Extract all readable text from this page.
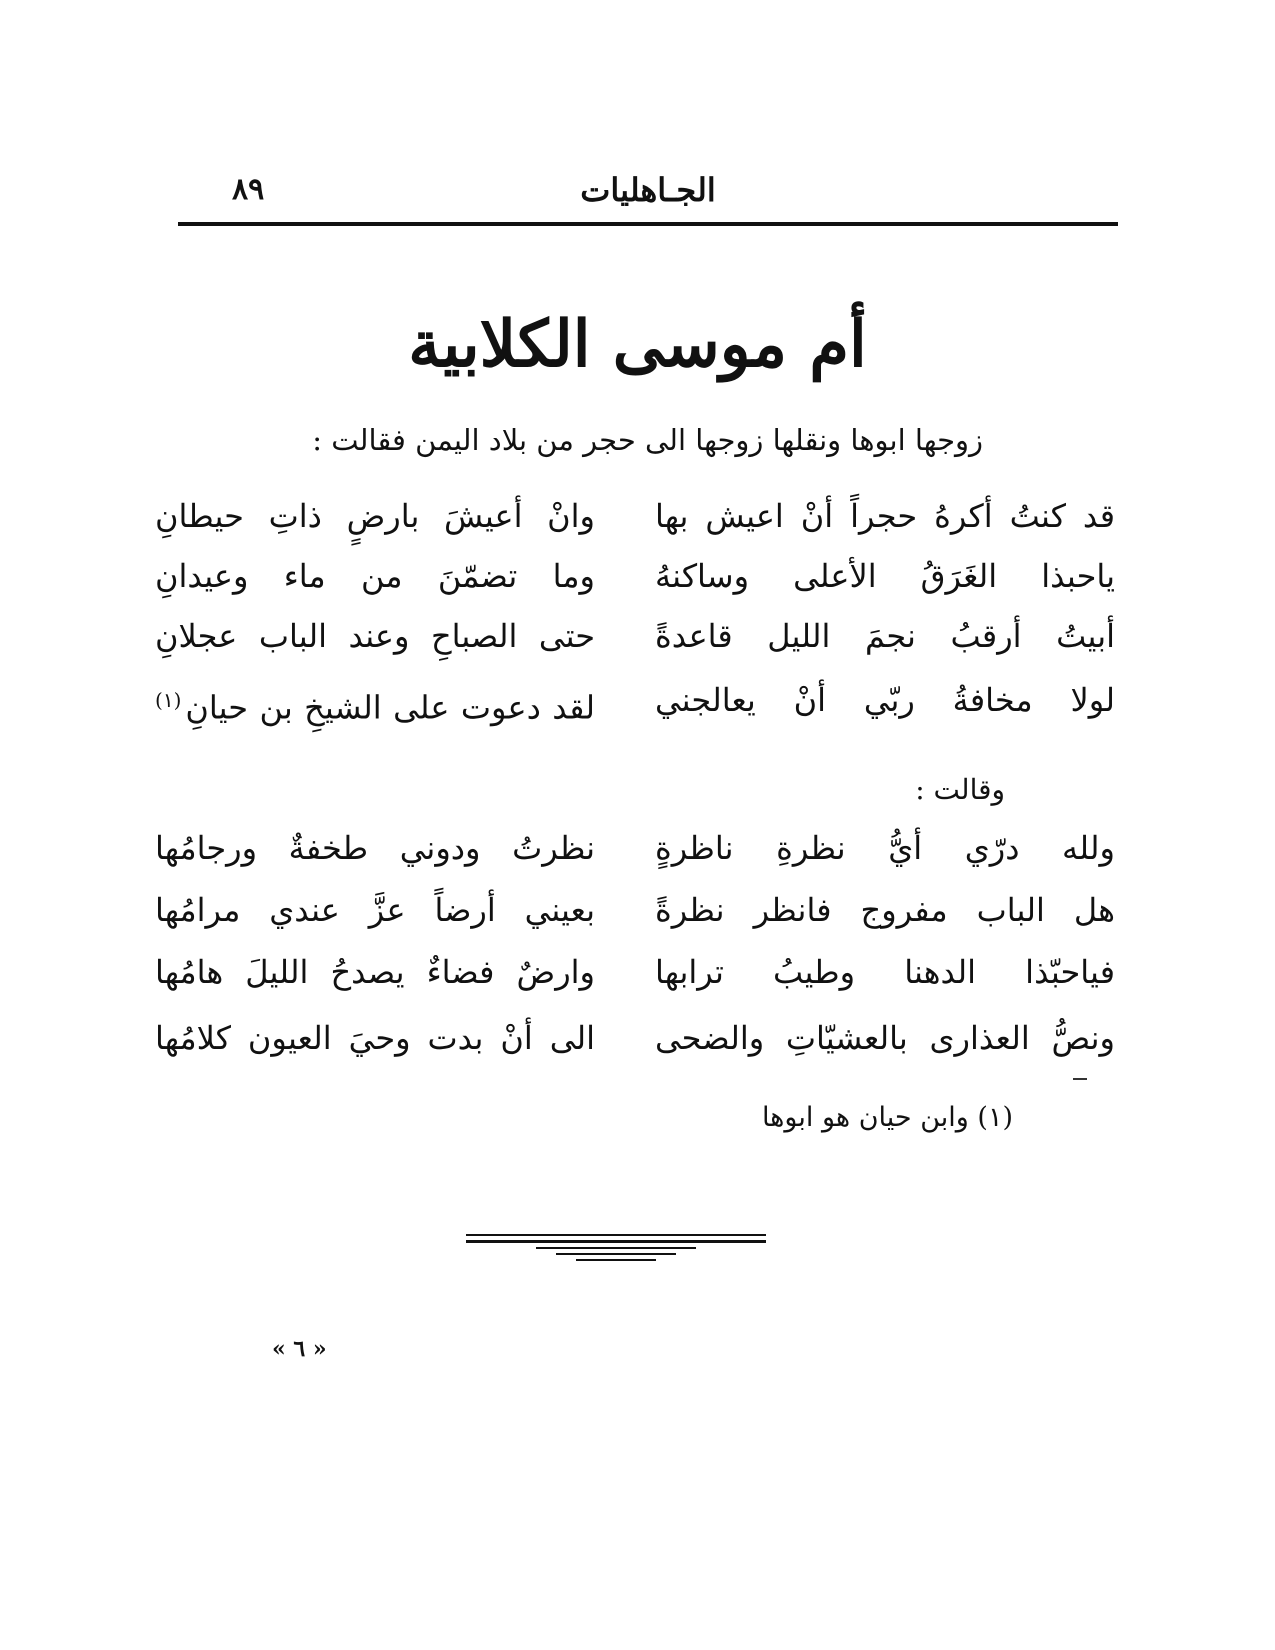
الجـاهليات
٨٩
أم موسى الكلابية
زوجها ابوها ونقلها زوجها الى حجر من بلاد اليمن فقالت :
قد كنتُ أكرهُ حجراً أنْ اعيش بها
وانْ أعيشَ بارضٍ ذاتِ حيطانِ
ياحبذا الغَرَقُ الأعلى وساكنهُ
وما تضمّنَ من ماء وعيدانِ
أبيتُ أرقبُ نجمَ الليل قاعدةً
حتى الصباحِ وعند الباب عجلانِ
لولا مخافةُ ربّي أنْ يعالجني
لقد دعوت على الشيخِ بن حيانِ$^{(١)}$
وقالت :
ولله درّي أيُّ نظرةِ ناظرةٍ
نظرتُ ودوني طخفةٌ ورجامُها
هل الباب مفروج فانظر نظرةً
بعيني أرضاً عزَّ عندي مرامُها
فياحبّذا الدهنا وطيبُ ترابها
وارضٌ فضاءٌ يصدحُ الليلَ هامُها
ونصُّ العذارى بالعشيّاتِ والضحى
الى أنْ بدت وحيَ العيون كلامُها
(١) وابن حيان هو ابوها
« ٦ »
